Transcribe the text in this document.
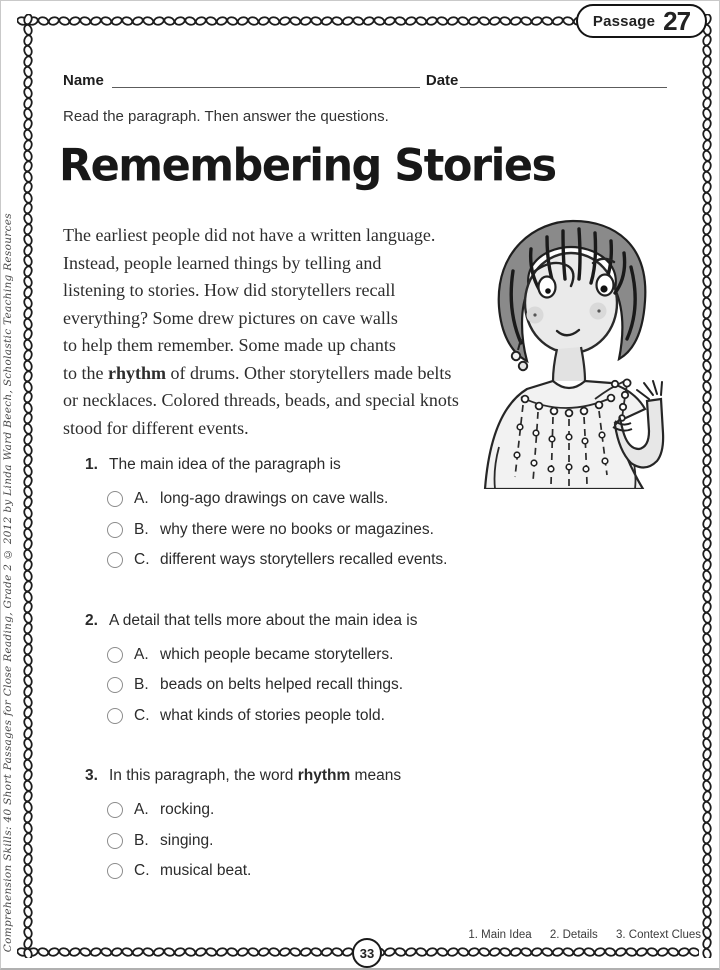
Passage 27
Name	Date
Read the paragraph. Then answer the questions.
Remembering Stories
The earliest people did not have a written language.
Instead, people learned things by telling and
listening to stories. How did storytellers recall
everything? Some drew pictures on cave walls
to help them remember. Some made up chants
to the rhythm of drums. Other storytellers made belts
or necklaces. Colored threads, beads, and special knots
stood for different events.
1. The main idea of the paragraph is
A. long-ago drawings on cave walls.
B. why there were no books or magazines.
C. different ways storytellers recalled events.
2. A detail that tells more about the main idea is
A. which people became storytellers.
B. beads on belts helped recall things.
C. what kinds of stories people told.
3. In this paragraph, the word rhythm means
A. rocking.
B. singing.
C. musical beat.
Comprehension Skills: 40 Short Passages for Close Reading, Grade 2 © 2012 by Linda Ward Beech, Scholastic Teaching Resources	1. Main Idea 2. Details 3. Context Clues
33
